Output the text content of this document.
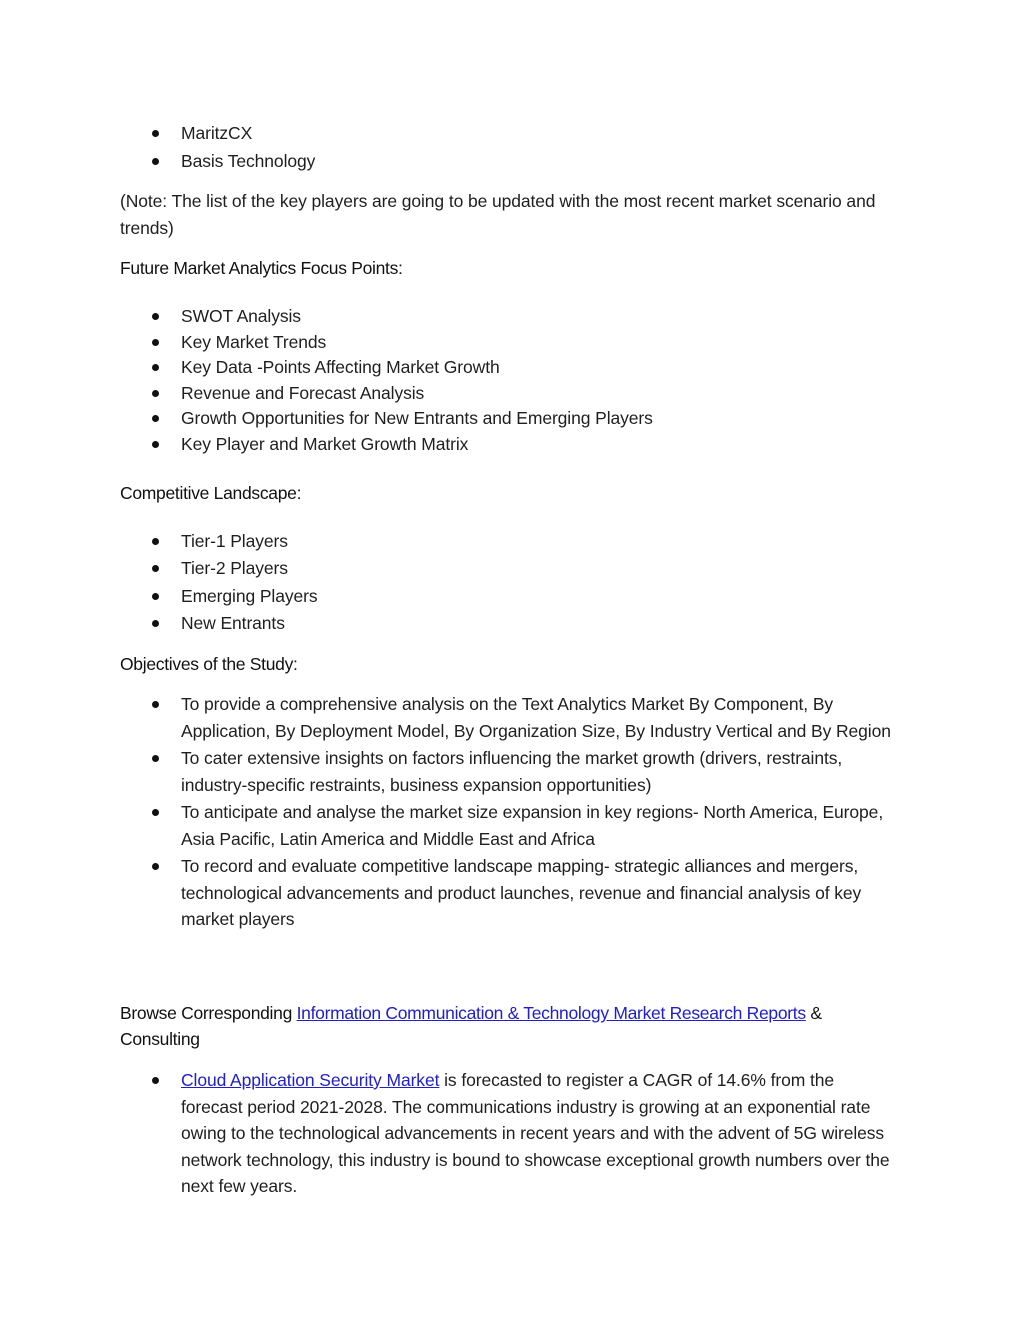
MaritzCX
Basis Technology

(Note: The list of the key players are going to be updated with the most recent market scenario and trends)

Future Market Analytics Focus Points:

SWOT Analysis
Key Market Trends
Key Data -Points Affecting Market Growth
Revenue and Forecast Analysis
Growth Opportunities for New Entrants and Emerging Players
Key Player and Market Growth Matrix

Competitive Landscape:

Tier-1 Players
Tier-2 Players
Emerging Players
New Entrants

Objectives of the Study:

To provide a comprehensive analysis on the Text Analytics Market By Component, By Application, By Deployment Model, By Organization Size, By Industry Vertical and By Region
To cater extensive insights on factors influencing the market growth (drivers, restraints, industry-specific restraints, business expansion opportunities)
To anticipate and analyse the market size expansion in key regions- North America, Europe, Asia Pacific, Latin America and Middle East and Africa
To record and evaluate competitive landscape mapping- strategic alliances and mergers, technological advancements and product launches, revenue and financial analysis of key market players

Browse Corresponding Information Communication & Technology Market Research Reports & Consulting

Cloud Application Security Market is forecasted to register a CAGR of 14.6% from the forecast period 2021-2028. The communications industry is growing at an exponential rate owing to the technological advancements in recent years and with the advent of 5G wireless network technology, this industry is bound to showcase exceptional growth numbers over the next few years.
